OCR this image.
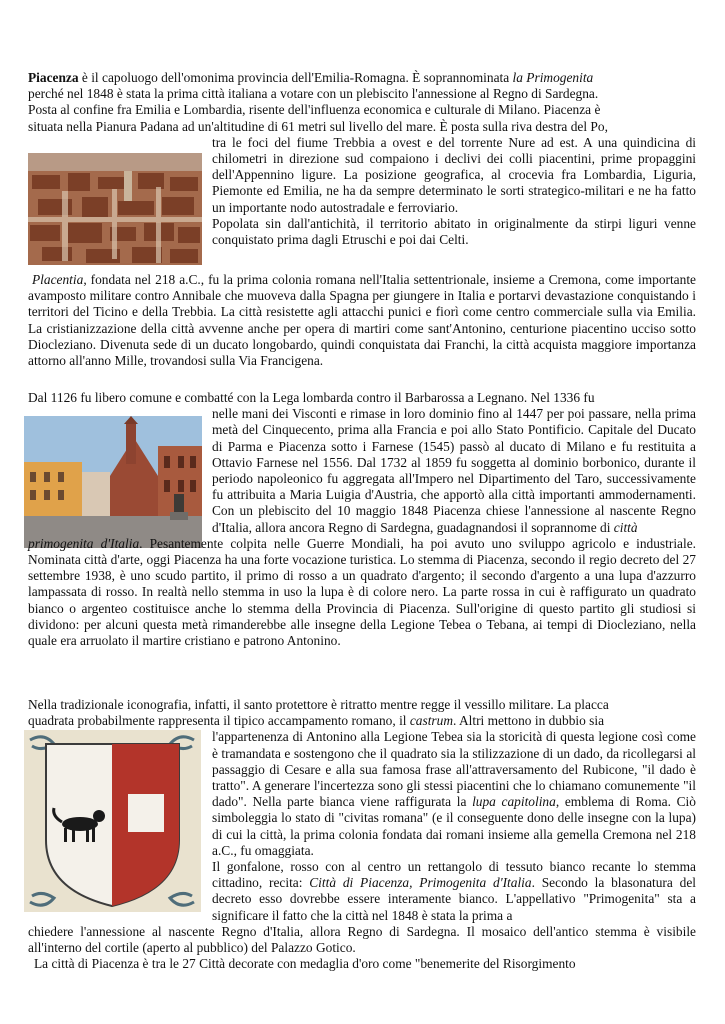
Piacenza è il capoluogo dell'omonima provincia dell'Emilia-Romagna. È soprannominata la Primogenita

perché nel 1848 è stata la prima città italiana a votare con un plebiscito l'annessione al Regno di Sardegna.

Posta al confine fra Emilia e Lombardia, risente dell'influenza economica e culturale di Milano. Piacenza è

situata nella Pianura Padana ad un'altitudine di 61 metri sul livello del mare. È posta sulla riva destra del Po,

tra le foci del fiume Trebbia a ovest e del torrente Nure ad est. A una quindicina di chilometri in direzione sud compaiono i declivi dei colli piacentini, prime propaggini dell'Appennino ligure. La posizione geografica, al crocevia fra Lombardia, Liguria, Piemonte ed Emilia, ne ha da sempre determinato le sorti strategico-militari e ne ha fatto un importante nodo autostradale e ferroviario.

Popolata sin dall'antichità, il territorio abitato in originalmente da stirpi liguri venne conquistato prima dagli Etruschi e poi dai Celti.

Placentia, fondata nel 218 a.C., fu la prima colonia romana nell'Italia settentrionale, insieme a Cremona, come importante avamposto militare contro Annibale che muoveva dalla Spagna per giungere in Italia e portarvi devastazione conquistando i territori del Ticino e della Trebbia. La città resistette agli attacchi punici e fiorì come centro commerciale sulla via Emilia. La cristianizzazione della città avvenne anche per opera di martiri come sant'Antonino, centurione piacentino ucciso sotto Diocleziano. Divenuta sede di un ducato longobardo, quindi conquistata dai Franchi, la città acquista maggiore importanza attorno all'anno Mille, trovandosi sulla Via Francigena.

Dal 1126 fu libero comune e combatté con la Lega lombarda contro il Barbarossa a Legnano. Nel 1336 fu

nelle mani dei Visconti e rimase in loro dominio fino al 1447 per poi passare, nella prima metà del Cinquecento, prima alla Francia e poi allo Stato Pontificio. Capitale del Ducato di Parma e Piacenza sotto i Farnese (1545) passò al ducato di Milano e fu restituita a Ottavio Farnese nel 1556. Dal 1732 al 1859 fu soggetta al dominio borbonico, durante il periodo napoleonico fu aggregata all'Impero nel Dipartimento del Taro, successivamente fu attribuita a Maria Luigia d'Austria, che apportò alla città importanti ammodernamenti. Con un plebiscito del 10 maggio 1848 Piacenza chiese l'annessione al nascente Regno d'Italia, allora ancora Regno di Sardegna, guadagnandosi il soprannome di città

primogenita d'Italia. Pesantemente colpita nelle Guerre Mondiali, ha poi avuto uno sviluppo agricolo e industriale. Nominata città d'arte, oggi Piacenza ha una forte vocazione turistica. Lo stemma di Piacenza, secondo il regio decreto del 27 settembre 1938, è uno scudo partito, il primo di rosso a un quadrato d'argento; il secondo d'argento a una lupa d'azzurro lampassata di rosso. In realtà nello stemma in uso la lupa è di colore nero. La parte rossa in cui è raffigurato un quadrato bianco o argenteo costituisce anche lo stemma della Provincia di Piacenza. Sull'origine di questo partito gli studiosi si dividono: per alcuni questa metà rimanderebbe alle insegne della Legione Tebea o Tebana, ai tempi di Diocleziano, nella quale era arruolato il martire cristiano e patrono Antonino.

Nella tradizionale iconografia, infatti, il santo protettore è ritratto mentre regge il vessillo militare. La placca

quadrata probabilmente rappresenta il tipico accampamento romano, il castrum. Altri mettono in dubbio sia

l'appartenenza di Antonino alla Legione Tebea sia la storicità di questa legione così come è tramandata e sostengono che il quadrato sia la stilizzazione di un dado, da ricollegarsi al passaggio di Cesare e alla sua famosa frase all'attraversamento del Rubicone, "il dado è tratto". A generare l'incertezza sono gli stessi piacentini che lo chiamano comunemente "il dado". Nella parte bianca viene raffigurata la lupa capitolina, emblema di Roma. Ciò simboleggia lo stato di "civitas romana" (e il conseguente dono delle insegne con la lupa) di cui la città, la prima colonia fondata dai romani insieme alla gemella Cremona nel 218 a.C., fu omaggiata.

Il gonfalone, rosso con al centro un rettangolo di tessuto bianco recante lo stemma cittadino, recita: Città di Piacenza, Primogenita d'Italia. Secondo la blasonatura del decreto esso dovrebbe essere interamente bianco. L'appellativo "Primogenita" sta a significare il fatto che la città nel 1848 è stata la prima a

chiedere l'annessione al nascente Regno d'Italia, allora Regno di Sardegna. Il mosaico dell'antico stemma è visibile all'interno del cortile (aperto al pubblico) del Palazzo Gotico.

La città di Piacenza è tra le 27 Città decorate con medaglia d'oro come "benemerite del Risorgimento
